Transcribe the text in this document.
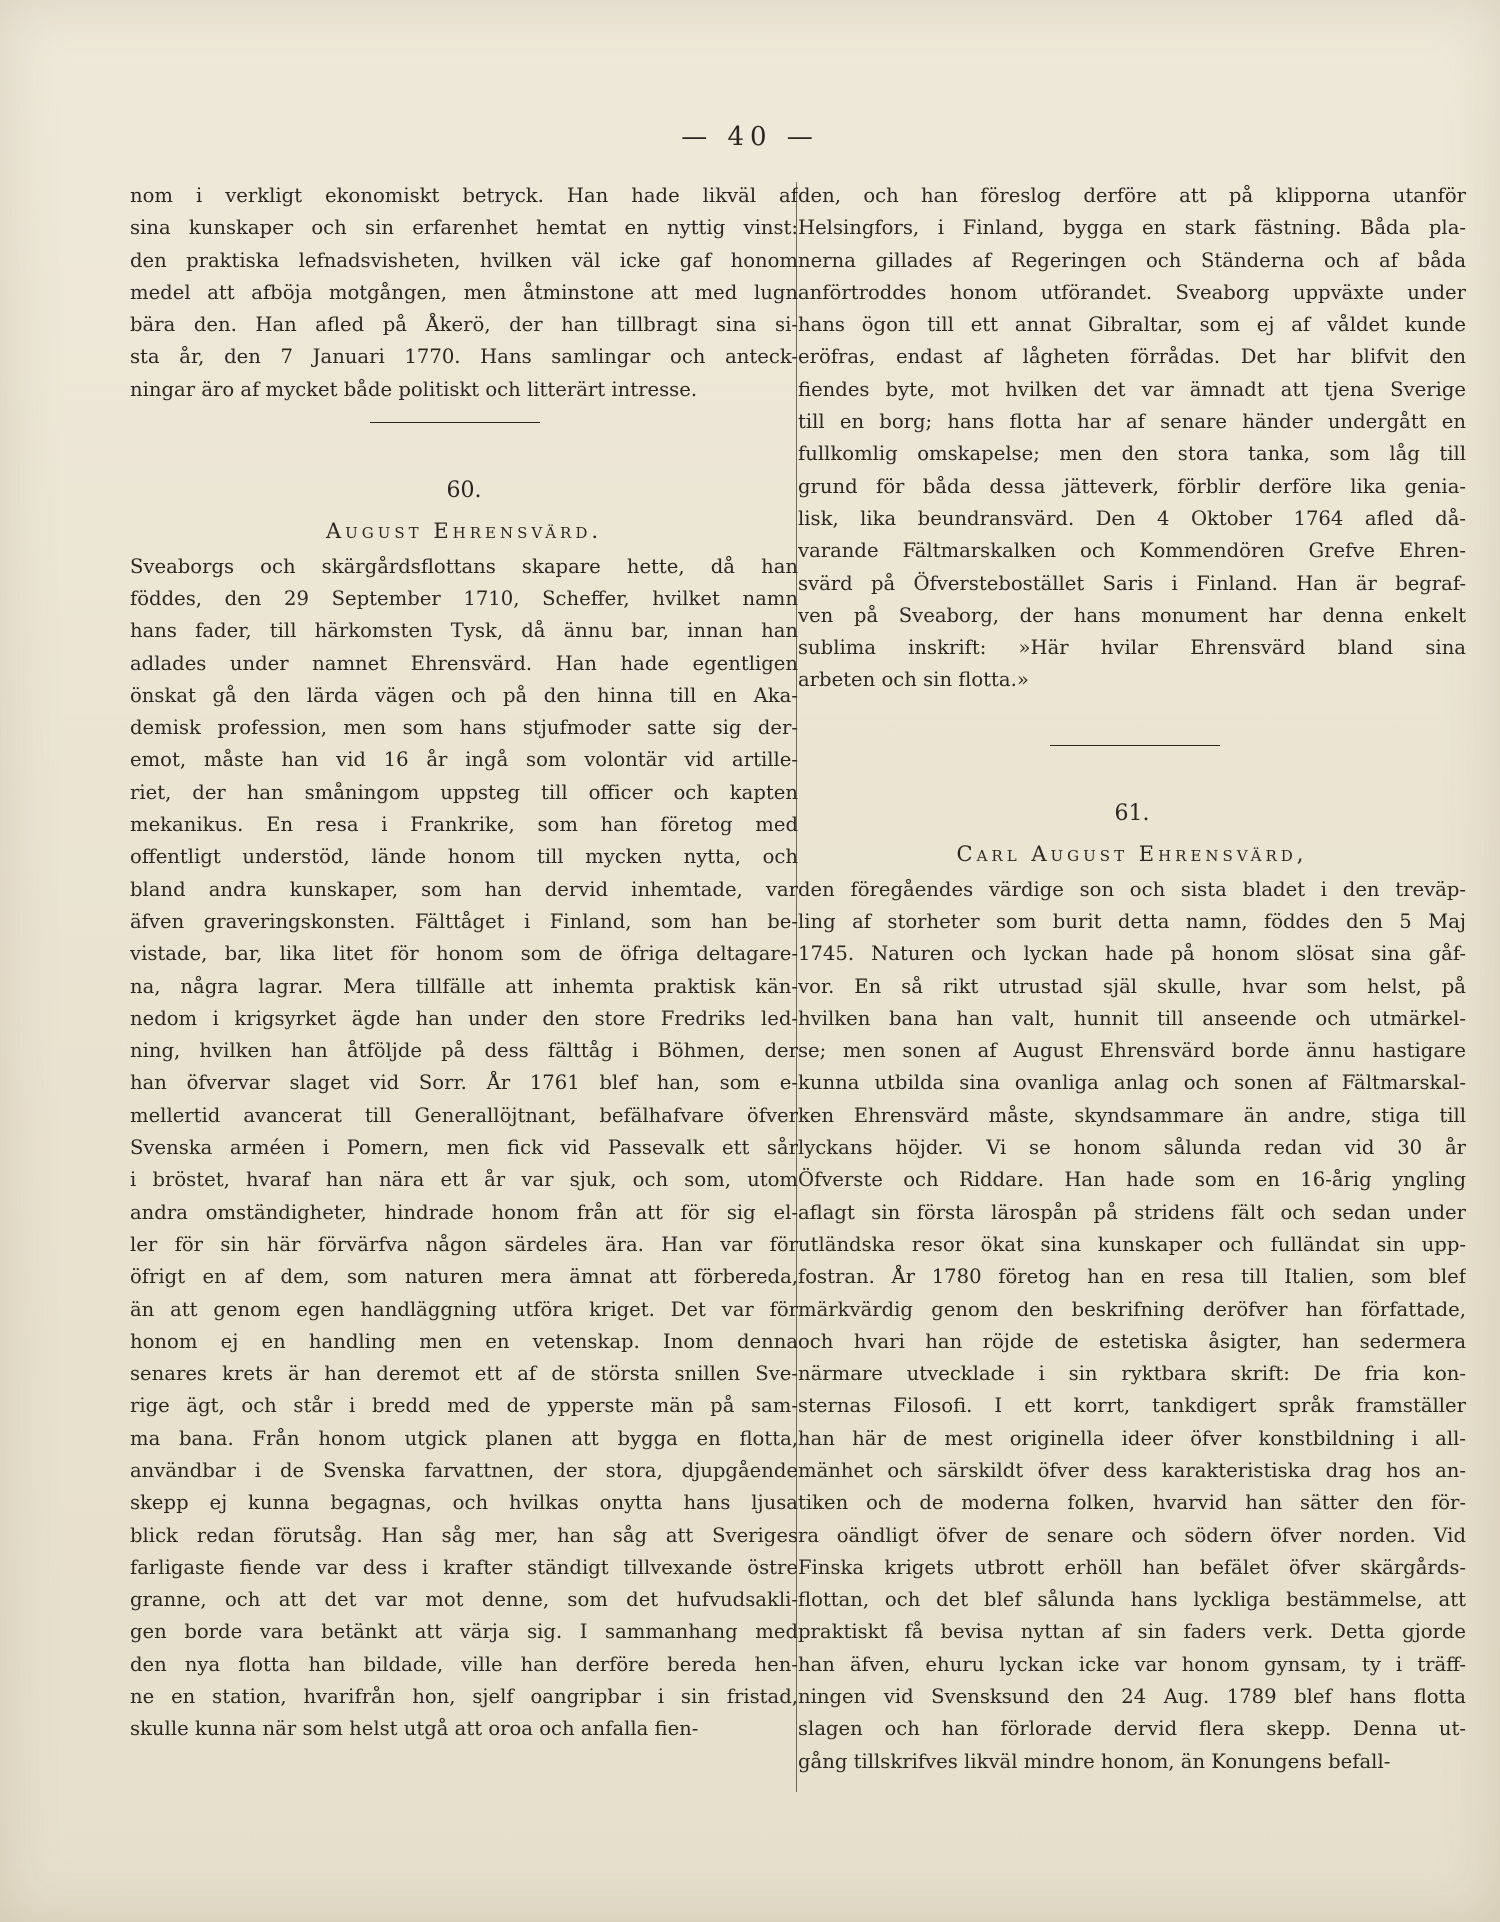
— 40 —
nom i verkligt ekonomiskt betryck. Han hade likväl af
sina kunskaper och sin erfarenhet hemtat en nyttig vinst:
den praktiska lefnadsvisheten, hvilken väl icke gaf honom
medel att afböja motgången, men åtminstone att med lugn
bära den. Han afled på Åkerö, der han tillbragt sina si-
sta år, den 7 Januari 1770. Hans samlingar och anteck-
ningar äro af mycket både politiskt och litterärt intresse.
60.
August Ehrensvärd.
Sveaborgs och skärgårdsflottans skapare hette, då han
föddes, den 29 September 1710, Scheffer, hvilket namn
hans fader, till härkomsten Tysk, då ännu bar, innan han
adlades under namnet Ehrensvärd. Han hade egentligen
önskat gå den lärda vägen och på den hinna till en Aka-
demisk profession, men som hans stjufmoder satte sig der-
emot, måste han vid 16 år ingå som volontär vid artille-
riet, der han småningom uppsteg till officer och kapten
mekanikus. En resa i Frankrike, som han företog med
offentligt understöd, lände honom till mycken nytta, och
bland andra kunskaper, som han dervid inhemtade, var
äfven graveringskonsten. Fälttåget i Finland, som han be-
vistade, bar, lika litet för honom som de öfriga deltagare-
na, några lagrar. Mera tillfälle att inhemta praktisk kän-
nedom i krigsyrket ägde han under den store Fredriks led-
ning, hvilken han åtföljde på dess fälttåg i Böhmen, der
han öfvervar slaget vid Sorr. År 1761 blef han, som e-
mellertid avancerat till Generallöjtnant, befälhafvare öfver
Svenska arméen i Pomern, men fick vid Passevalk ett sår
i bröstet, hvaraf han nära ett år var sjuk, och som, utom
andra omständigheter, hindrade honom från att för sig el-
ler för sin här förvärfva någon särdeles ära. Han var för
öfrigt en af dem, som naturen mera ämnat att förbereda,
än att genom egen handläggning utföra kriget. Det var för
honom ej en handling men en vetenskap. Inom denna
senares krets är han deremot ett af de största snillen Sve-
rige ägt, och står i bredd med de ypperste män på sam-
ma bana. Från honom utgick planen att bygga en flotta,
användbar i de Svenska farvattnen, der stora, djupgående
skepp ej kunna begagnas, och hvilkas onytta hans ljusa
blick redan förutsåg. Han såg mer, han såg att Sveriges
farligaste fiende var dess i krafter ständigt tillvexande östre
granne, och att det var mot denne, som det hufvudsakli-
gen borde vara betänkt att värja sig. I sammanhang med
den nya flotta han bildade, ville han derföre bereda hen-
ne en station, hvarifrån hon, sjelf oangripbar i sin fristad,
skulle kunna när som helst utgå att oroa och anfalla fien-
den, och han föreslog derföre att på klipporna utanför
Helsingfors, i Finland, bygga en stark fästning. Båda pla-
nerna gillades af Regeringen och Ständerna och af båda
anförtroddes honom utförandet. Sveaborg uppväxte under
hans ögon till ett annat Gibraltar, som ej af våldet kunde
eröfras, endast af lågheten förrådas. Det har blifvit den
fiendes byte, mot hvilken det var ämnadt att tjena Sverige
till en borg; hans flotta har af senare händer undergått en
fullkomlig omskapelse; men den stora tanka, som låg till
grund för båda dessa jätteverk, förblir derföre lika genia-
lisk, lika beundransvärd. Den 4 Oktober 1764 afled då-
varande Fältmarskalken och Kommendören Grefve Ehren-
svärd på Öfverstebostället Saris i Finland. Han är begraf-
ven på Sveaborg, der hans monument har denna enkelt
sublima inskrift: »Här hvilar Ehrensvärd bland sina
arbeten och sin flotta.»
61.
Carl August Ehrensvärd,
den föregåendes värdige son och sista bladet i den treväp-
ling af storheter som burit detta namn, föddes den 5 Maj
1745. Naturen och lyckan hade på honom slösat sina gåf-
vor. En så rikt utrustad själ skulle, hvar som helst, på
hvilken bana han valt, hunnit till anseende och utmärkel-
se; men sonen af August Ehrensvärd borde ännu hastigare
kunna utbilda sina ovanliga anlag och sonen af Fältmarskal-
ken Ehrensvärd måste, skyndsammare än andre, stiga till
lyckans höjder. Vi se honom sålunda redan vid 30 år
Öfverste och Riddare. Han hade som en 16-årig yngling
aflagt sin första lärospån på stridens fält och sedan under
utländska resor ökat sina kunskaper och fulländat sin upp-
fostran. År 1780 företog han en resa till Italien, som blef
märkvärdig genom den beskrifning deröfver han författade,
och hvari han röjde de estetiska åsigter, han sedermera
närmare utvecklade i sin ryktbara skrift: De fria kon-
sternas Filosofi. I ett korrt, tankdigert språk framställer
han här de mest originella ideer öfver konstbildning i all-
mänhet och särskildt öfver dess karakteristiska drag hos an-
tiken och de moderna folken, hvarvid han sätter den för-
ra oändligt öfver de senare och södern öfver norden. Vid
Finska krigets utbrott erhöll han befälet öfver skärgårds-
flottan, och det blef sålunda hans lyckliga bestämmelse, att
praktiskt få bevisa nyttan af sin faders verk. Detta gjorde
han äfven, ehuru lyckan icke var honom gynsam, ty i träff-
ningen vid Svensksund den 24 Aug. 1789 blef hans flotta
slagen och han förlorade dervid flera skepp. Denna ut-
gång tillskrifves likväl mindre honom, än Konungens befall-
